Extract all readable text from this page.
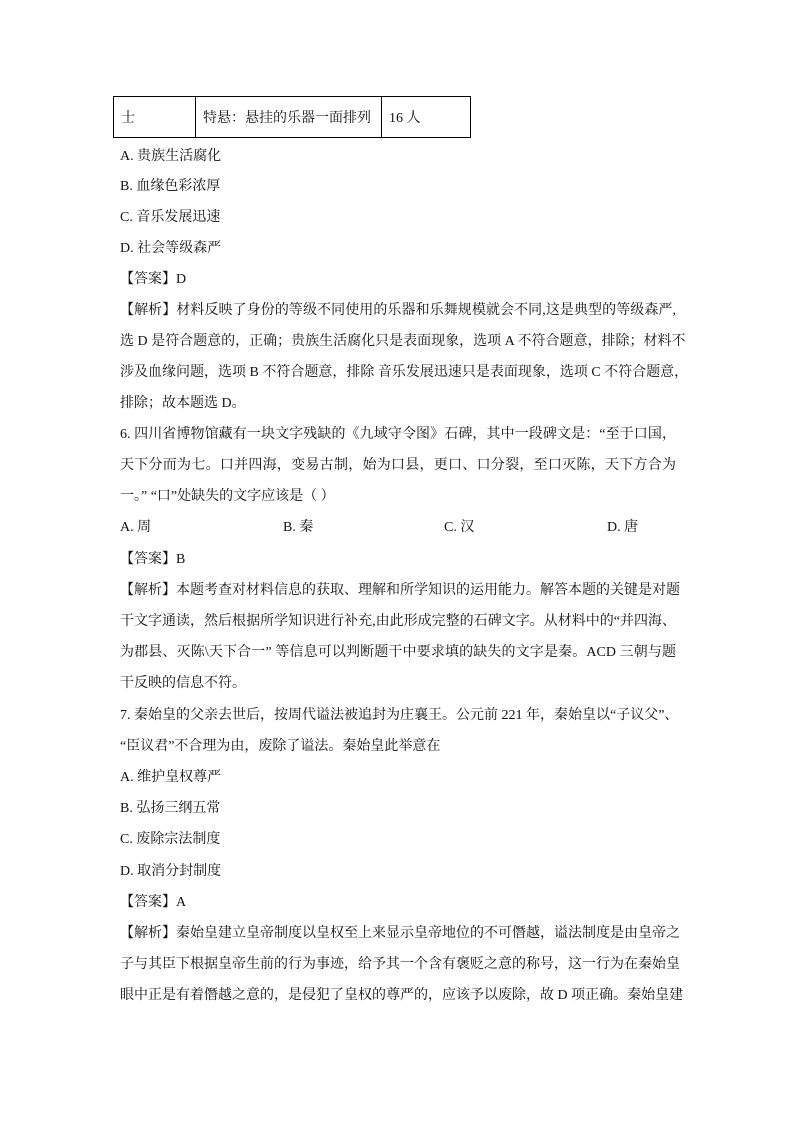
士	特悬：悬挂的乐器一面排列	16 人
A. 贵族生活腐化
B. 血缘色彩浓厚
C. 音乐发展迅速
D. 社会等级森严
【答案】D
【解析】材料反映了身份的等级不同使用的乐器和乐舞规模就会不同,这是典型的等级森严,
选 D 是符合题意的，正确；贵族生活腐化只是表面现象，选项 A 不符合题意，排除；材料不
涉及血缘问题，选项 B 不符合题意，排除 音乐发展迅速只是表面现象，选项 C 不符合题意，
排除；故本题选 D。
6. 四川省博物馆藏有一块文字残缺的《九域守令图》石碑，其中一段碑文是：“至于口国，
天下分而为七。口并四海，变易古制，始为口县，更口、口分裂，至口灭陈，天下方合为
一。” “口”处缺失的文字应该是（ ）
A. 周	B. 秦	C. 汉	D. 唐
【答案】B
【解析】本题考查对材料信息的获取、理解和所学知识的运用能力。解答本题的关键是对题
干文字通读，然后根据所学知识进行补充,由此形成完整的石碑文字。从材料中的“并四海、
为郡县、灭陈\天下合一” 等信息可以判断题干中要求填的缺失的文字是秦。ACD 三朝与题
干反映的信息不符。
7. 秦始皇的父亲去世后，按周代谥法被追封为庄襄王。公元前 221 年，秦始皇以“子议父”、
“臣议君”不合理为由，废除了谥法。秦始皇此举意在
A. 维护皇权尊严
B. 弘扬三纲五常
C. 废除宗法制度
D. 取消分封制度
【答案】A
【解析】秦始皇建立皇帝制度以皇权至上来显示皇帝地位的不可僭越，谥法制度是由皇帝之
子与其臣下根据皇帝生前的行为事迹，给予其一个含有褒贬之意的称号，这一行为在秦始皇
眼中正是有着僭越之意的，是侵犯了皇权的尊严的，应该予以废除，故 D 项正确。秦始皇建
